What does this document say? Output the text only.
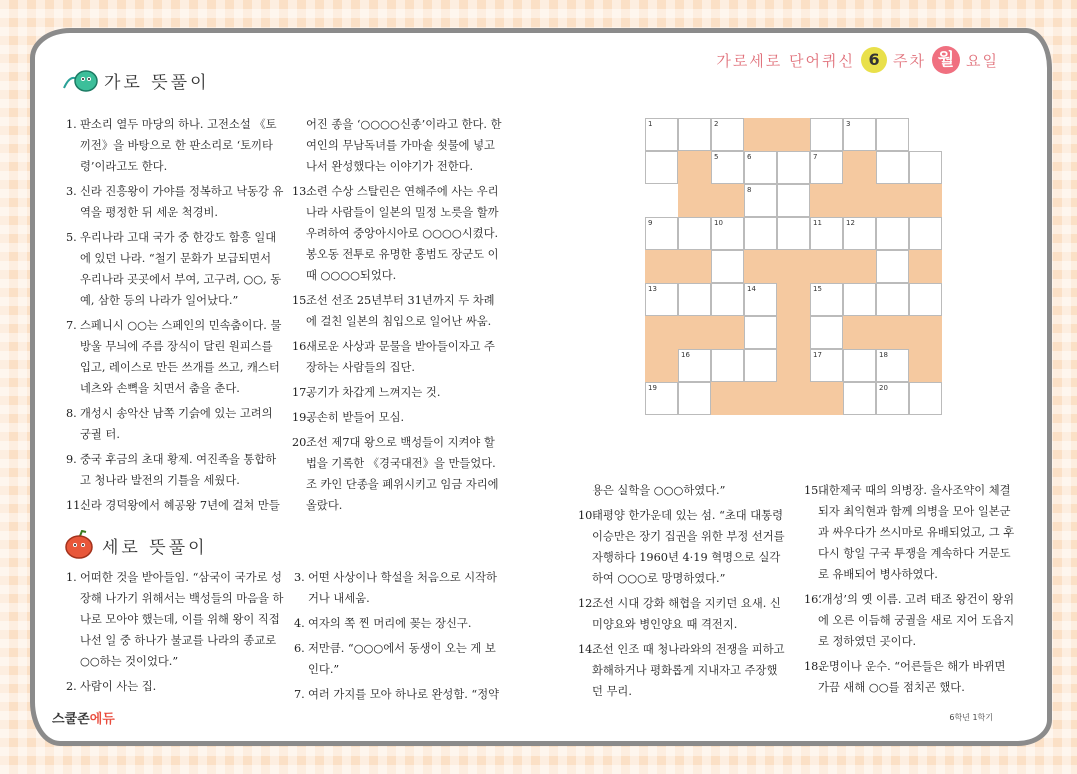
가로세로 단어퀴신 6 주차 월 요일
가로 뜻풀이
1. 판소리 열두 마당의 하나. 고전소설 《토끼전》을 바탕으로 한 판소리로 ‘토끼타령’이라고도 한다.
3. 신라 진흥왕이 가야를 정복하고 낙동강 유역을 평정한 뒤 세운 척경비.
5. 우리나라 고대 국가 중 한강도 함흥 일대에 있던 나라. “철기 문화가 보급되면서 우리나라 곳곳에서 부여, 고구려, ○○, 동예, 삼한 등의 나라가 일어났다.”
7. 스페니시 ○○는 스페인의 민속춤이다. 물방울 무늬에 주름 장식이 달린 원피스를 입고, 레이스로 만든 쓰개를 쓰고, 캐스터네츠와 손뼉을 치면서 춤을 춘다.
8. 개성시 송악산 남쪽 기슭에 있는 고려의 궁궐 터.
9. 중국 후금의 초대 황제. 여진족을 통합하고 청나라 발전의 기틀을 세웠다.
11.
신라 경덕왕에서 혜공왕 7년에 걸쳐 만들

어진 종을 ‘○○○○신종’이라고 한다. 한 여인의 무남독녀를 가마솥 쇳물에 넣고 나서 완성했다는 이야기가 전한다.

13.
소련 수상 스탈린은 연해주에 사는 우리나라 사람들이 일본의 밀정 노릇을 할까 우려하여 중앙아시아로 ○○○○시켰다. 봉오동 전투로 유명한 홍범도 장군도 이 때 ○○○○되었다.
15.
조선 선조 25년부터 31년까지 두 차례에 걸친 일본의 침입으로 일어난 싸움.
16.
새로운 사상과 문물을 받아들이자고 주장하는 사람들의 집단.
17.
공기가 차갑게 느껴지는 것.
19.
공손히 받들어 모심.
20.
조선 제7대 왕으로 백성들이 지켜야 할 법을 기록한 《경국대전》을 만들었다. 조 카인 단종을 폐위시키고 임금 자리에 올랐다.
1	2	3
5	6	7
8
9	10	11	12
13	14	15
16	17	18
19	20
세로 뜻풀이
1. 어떠한 것을 받아들임. “삼국이 국가로 성장해 나가기 위해서는 백성들의 마음을 하나로 모아야 했는데, 이를 위해 왕이 직접 나선 일 중 하나가 불교를 나라의 종교로 ○○하는 것이었다.”
2. 사람이 사는 집.
3. 어떤 사상이나 학설을 처음으로 시작하거나 내세움.
4. 여자의 쪽 찐 머리에 꽂는 장신구.
6. 저만큼. “○○○에서 동생이 오는 게 보인다.”
7. 여러 가지를 모아 하나로 완성함. “정약

용은 실학을 ○○○하였다.”

10.
태평양 한가운데 있는 섬. “초대 대통령 이승만은 장기 집권을 위한 부정 선거를 자행하다 1960년 4·19 혁명으로 실각하여 ○○○로 망명하였다.”
12.
조선 시대 강화 해협을 지키던 요새. 신미양요와 병인양요 때 격전지.
14.
조선 인조 때 청나라와의 전쟁을 피하고 화해하거나 평화롭게 지내자고 주장했던 무리.
15.
대한제국 때의 의병장. 을사조약이 체결되자 최익현과 함께 의병을 모아 일본군과 싸우다가 쓰시마로 유배되었고, 그 후 다시 항일 구국 투쟁을 계속하다 거문도로 유배되어 병사하였다.
16.
‘개성’의 옛 이름. 고려 태조 왕건이 왕위에 오른 이듬해 궁궐을 새로 지어 도읍지로 정하였던 곳이다.
18.
운명이나 운수. “어른들은 해가 바뀌면 가끔 새해 ○○를 점치곤 했다.
스쿨존에듀	6학년 1학기
